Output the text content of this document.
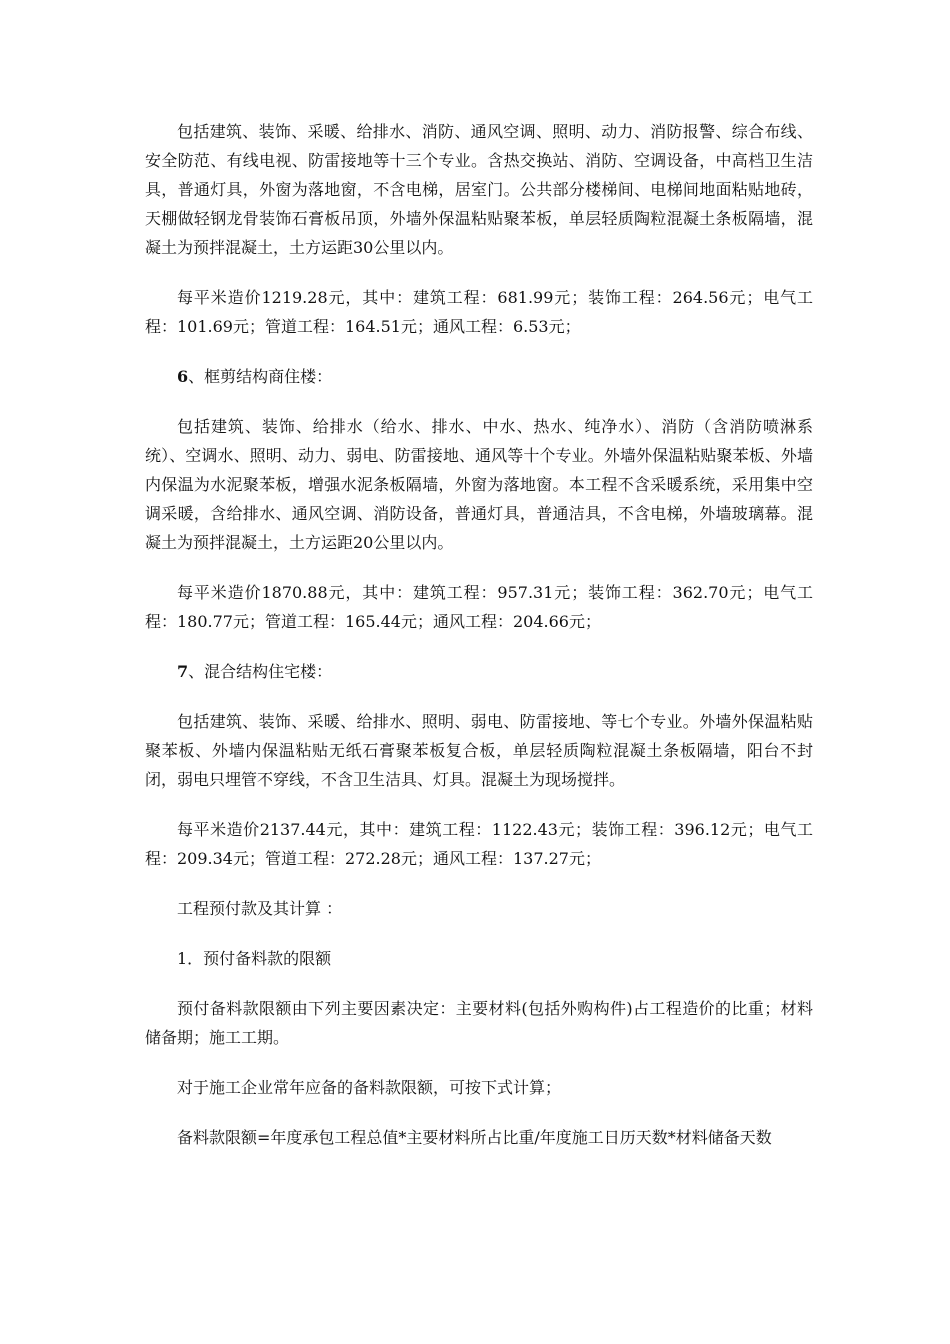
包括建筑、装饰、采暖、给排水、消防、通风空调、照明、动力、消防报警、综合布线、安全防范、有线电视、防雷接地等十三个专业。含热交换站、消防、空调设备，中高档卫生洁具，普通灯具，外窗为落地窗，不含电梯，居室门。公共部分楼梯间、电梯间地面粘贴地砖，天棚做轻钢龙骨装饰石膏板吊顶，外墙外保温粘贴聚苯板，单层轻质陶粒混凝土条板隔墙，混凝土为预拌混凝土，土方运距30公里以内。

每平米造价1219.28元，其中：建筑工程：681.99元；装饰工程：264.56元；电气工程：101.69元；管道工程：164.51元；通风工程：6.53元；

6、框剪结构商住楼：

包括建筑、装饰、给排水（给水、排水、中水、热水、纯净水）、消防（含消防喷淋系统）、空调水、照明、动力、弱电、防雷接地、通风等十个专业。外墙外保温粘贴聚苯板、外墙内保温为水泥聚苯板，增强水泥条板隔墙，外窗为落地窗。本工程不含采暖系统，采用集中空调采暖，含给排水、通风空调、消防设备，普通灯具，普通洁具，不含电梯，外墙玻璃幕。混凝土为预拌混凝土，土方运距20公里以内。

每平米造价1870.88元，其中：建筑工程：957.31元；装饰工程：362.70元；电气工程：180.77元；管道工程：165.44元；通风工程：204.66元；

7、混合结构住宅楼：

包括建筑、装饰、采暖、给排水、照明、弱电、防雷接地、等七个专业。外墙外保温粘贴聚苯板、外墙内保温粘贴无纸石膏聚苯板复合板，单层轻质陶粒混凝土条板隔墙，阳台不封闭，弱电只埋管不穿线，不含卫生洁具、灯具。混凝土为现场搅拌。

每平米造价2137.44元，其中：建筑工程：1122.43元；装饰工程：396.12元；电气工程：209.34元；管道工程：272.28元；通风工程：137.27元；

工程预付款及其计算 ：

1．预付备料款的限额

预付备料款限额由下列主要因素决定：主要材料(包括外购构件)占工程造价的比重；材料储备期；施工工期。

对于施工企业常年应备的备料款限额，可按下式计算；

备料款限额=年度承包工程总值*主要材料所占比重/年度施工日历天数*材料储备天数
